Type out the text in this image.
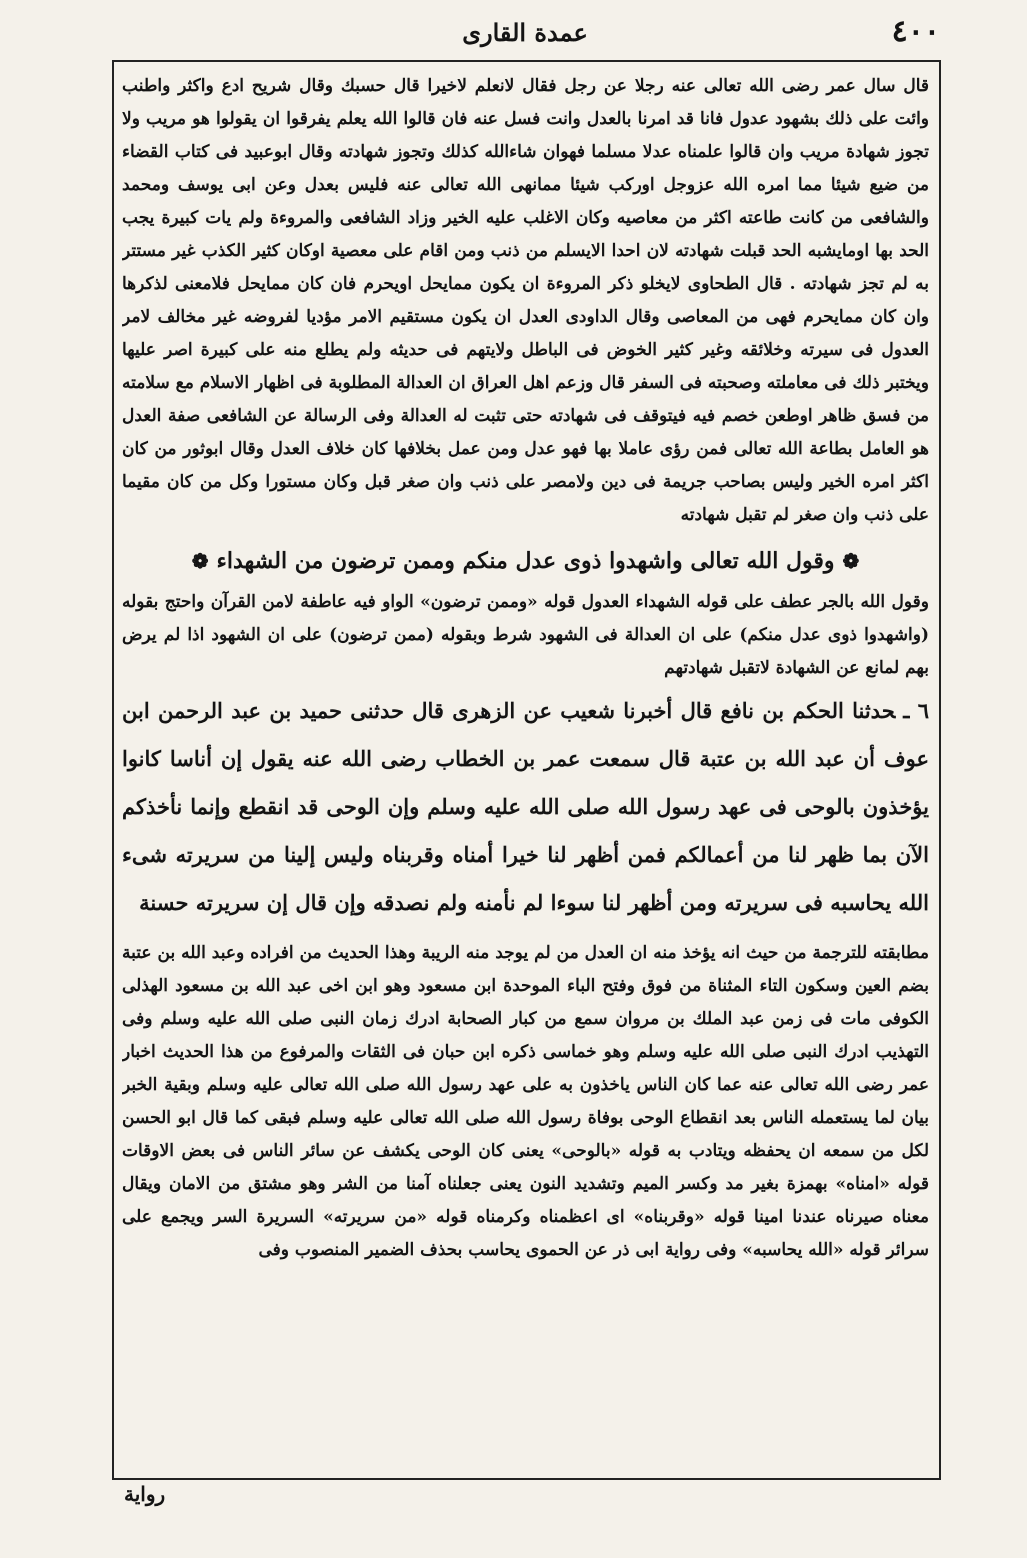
٤٠٠
عمدة القاری

قال سال عمر رضی الله تعالی عنه رجلا عن رجل فقال لانعلم لاخیرا قال حسبك وقال شریح ادع واكثر واطنب وائت علی ذلك بشهود عدول فانا قد امرنا بالعدل وانت فسل عنه فان قالوا الله یعلم یفرقوا ان یقولوا هو مریب ولا تجوز شهادة مریب وان قالوا علمناه عدلا مسلما فهوان شاءالله كذلك وتجوز شهادته وقال ابوعبید فی كتاب القضاء من ضیع شیئا مما امره الله عزوجل اوركب شیئا ممانهی الله تعالی عنه فلیس بعدل وعن ابی یوسف ومحمد والشافعی من كانت طاعته اكثر من معاصیه وكان الاغلب علیه الخیر وزاد الشافعی والمروءة ولم یات كبیرة یجب الحد بها اومایشبه الحد قبلت شهادته لان احدا الایسلم من ذنب ومن اقام علی معصیة اوكان كثیر الكذب غیر مستتر به لم تجز شهادته . قال الطحاوی لایخلو ذكر المروءة ان یكون ممایحل اویحرم فان كان ممایحل فلامعنی لذكرها وان كان ممایحرم فهی من المعاصی وقال الداودی العدل ان یكون مستقیم الامر مؤدیا لفروضه غیر مخالف لامر العدول فی سیرته وخلائقه وغیر كثیر الخوض فی الباطل ولایتهم فی حدیثه ولم یطلع منه علی كبیرة اصر علیها ویختبر ذلك فی معاملته وصحبته فی السفر قال وزعم اهل العراق ان العدالة المطلوبة فی اظهار الاسلام مع سلامته من فسق ظاهر اوطعن خصم فیه فیتوقف فی شهادته حتی تثبت له العدالة وفی الرسالة عن الشافعی صفة العدل هو العامل بطاعة الله تعالی فمن رؤی عاملا بها فهو عدل ومن عمل بخلافها كان خلاف العدل وقال ابوثور من كان اكثر امره الخیر ولیس بصاحب جریمة فی دین ولامصر علی ذنب وان صغر قبل وكان مستورا وكل من كان مقیما علی ذنب وان صغر لم تقبل شهادته

❁وقول الله تعالی واشهدوا ذوی عدل منكم وممن ترضون من الشهداء❁

وقول الله بالجر عطف علی قوله الشهداء العدول قوله «وممن ترضون» الواو فیه عاطفة لامن القرآن واحتج بقوله (واشهدوا ذوی عدل منكم) علی ان العدالة فی الشهود شرط وبقوله (ممن ترضون) علی ان الشهود اذا لم یرض بهم لمانع عن الشهادة لاتقبل شهادتهم

٦ ـحدثنا الحكم بن نافع قال أخبرنا شعیب عن الزهری قال حدثنی حمید بن عبد الرحمن ابن عوف أن عبد الله بن عتبة قال سمعت عمر بن الخطاب رضی الله عنه یقول إن أناسا كانوا یؤخذون بالوحی فی عهد رسول الله صلی الله علیه وسلم وإن الوحی قد انقطع وإنما نأخذكم الآن بما ظهر لنا من أعمالكم فمن أظهر لنا خیرا أمناه وقربناه ولیس إلینا من سریرته شیء الله یحاسبه فی سریرته ومن أظهر لنا سوءا لم نأمنه ولم نصدقه وإن قال إن سریرته حسنة

مطابقته للترجمة من حیث انه یؤخذ منه ان العدل من لم یوجد منه الریبة وهذا الحدیث من افراده وعبد الله بن عتبة بضم العین وسكون التاء المثناة من فوق وفتح الباء الموحدة ابن مسعود وهو ابن اخی عبد الله بن مسعود الهذلی الكوفی مات فی زمن عبد الملك بن مروان سمع من كبار الصحابة ادرك زمان النبی صلی الله علیه وسلم وفی التهذیب ادرك النبی صلی الله علیه وسلم وهو خماسی ذكره ابن حبان فی الثقات والمرفوع من هذا الحدیث اخبار عمر رضی الله تعالی عنه عما كان الناس یاخذون به علی عهد رسول الله صلی الله تعالی علیه وسلم وبقیة الخبر بیان لما یستعمله الناس بعد انقطاع الوحی بوفاة رسول الله صلی الله تعالی علیه وسلم فبقی كما قال ابو الحسن لكل من سمعه ان یحفظه ویتادب به قوله «بالوحی» یعنی كان الوحی یكشف عن سائر الناس فی بعض الاوقات قوله «امناه» بهمزة بغیر مد وكسر المیم وتشدید النون یعنی جعلناه آمنا من الشر وهو مشتق من الامان ویقال معناه صیرناه عندنا امینا قوله «وقربناه» ای اعظمناه وكرمناه قوله «من سریرته» السریرة السر ویجمع علی سرائر قوله «الله یحاسبه» وفی روایة ابی ذر عن الحموی یحاسب بحذف الضمیر المنصوب وفی

روایة
